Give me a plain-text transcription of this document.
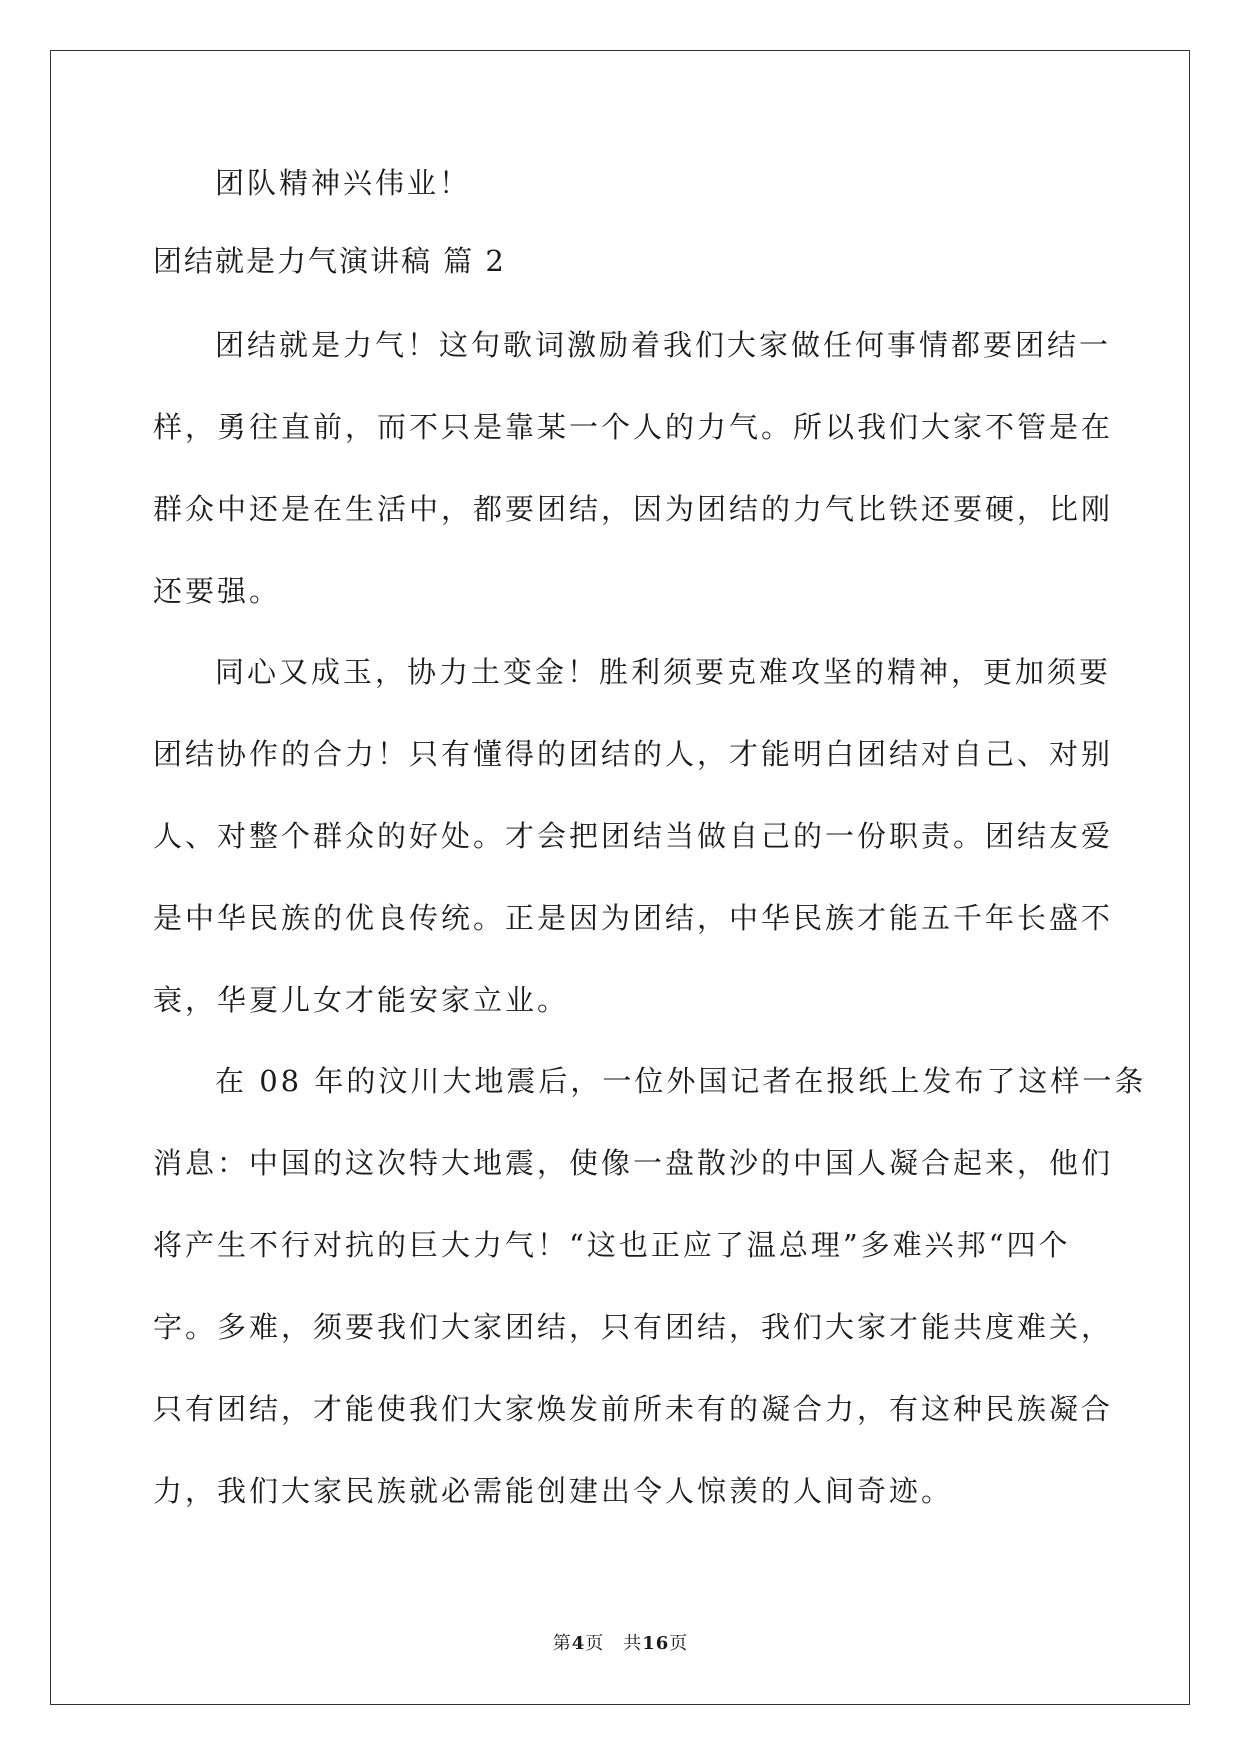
团队精神兴伟业！
团结就是力气演讲稿 篇 2
团结就是力气！这句歌词激励着我们大家做任何事情都要团结一
样，勇往直前，而不只是靠某一个人的力气。所以我们大家不管是在
群众中还是在生活中，都要团结，因为团结的力气比铁还要硬，比刚
还要强。
同心又成玉，协力土变金！胜利须要克难攻坚的精神，更加须要
团结协作的合力！只有懂得的团结的人，才能明白团结对自己、对别
人、对整个群众的好处。才会把团结当做自己的一份职责。团结友爱
是中华民族的优良传统。正是因为团结，中华民族才能五千年长盛不
衰，华夏儿女才能安家立业。
在 08 年的汶川大地震后，一位外国记者在报纸上发布了这样一条
消息：中国的这次特大地震，使像一盘散沙的中国人凝合起来，他们
将产生不行对抗的巨大力气！“这也正应了温总理”多难兴邦“四个
字。多难，须要我们大家团结，只有团结，我们大家才能共度难关，
只有团结，才能使我们大家焕发前所未有的凝合力，有这种民族凝合
力，我们大家民族就必需能创建出令人惊羡的人间奇迹。
第4页　共16页
